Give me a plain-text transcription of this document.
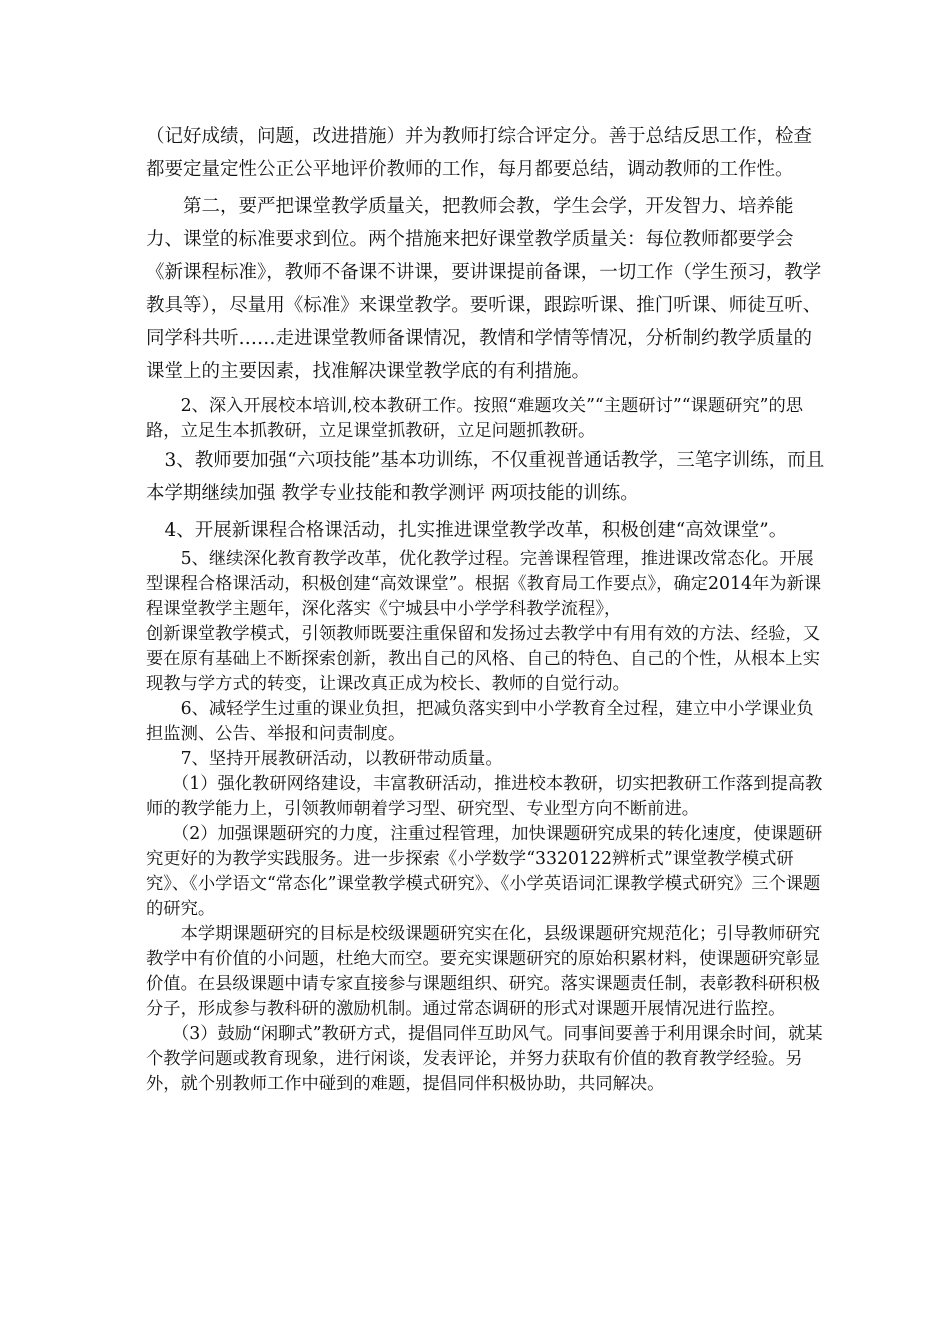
（记好成绩，问题，改进措施）并为教师打综合评定分。善于总结反思工作，检查都要定量定性公正公平地评价教师的工作，每月都要总结，调动教师的工作性。

　　第二，要严把课堂教学质量关，把教师会教，学生会学，开发智力、培养能力、课堂的标准要求到位。两个措施来把好课堂教学质量关：每位教师都要学会《新课程标准》，教师不备课不讲课，要讲课提前备课，一切工作（学生预习，教学教具等），尽量用《标准》来课堂教学。要听课，跟踪听课、推门听课、师徒互听、同学科共听……走进课堂教师备课情况，教情和学情等情况，分析制约教学质量的课堂上的主要因素，找准解决课堂教学底的有利措施。

　　2、深入开展校本培训,校本教研工作。按照“难题攻关”“主题研讨”“课题研究”的思路，立足生本抓教研，立足课堂抓教研，立足问题抓教研。

　3、教师要加强“六项技能”基本功训练，不仅重视普通话教学，三笔字训练，而且本学期继续加强 教学专业技能和教学测评 两项技能的训练。

　4、开展新课程合格课活动，扎实推进课堂教学改革，积极创建“高效课堂”。

　　5、继续深化教育教学改革，优化教学过程。完善课程管理，推进课改常态化。开展型课程合格课活动，积极创建“高效课堂”。根据《教育局工作要点》，确定2014年为新课程课堂教学主题年，深化落实《宁城县中小学学科教学流程》，

创新课堂教学模式，引领教师既要注重保留和发扬过去教学中有用有效的方法、经验，又要在原有基础上不断探索创新，教出自己的风格、自己的特色、自己的个性，从根本上实现教与学方式的转变，让课改真正成为校长、教师的自觉行动。

　　6、减轻学生过重的课业负担，把减负落实到中小学教育全过程，建立中小学课业负担监测、公告、举报和问责制度。

　　7、坚持开展教研活动，以教研带动质量。

　　（1）强化教研网络建设，丰富教研活动，推进校本教研，切实把教研工作落到提高教师的教学能力上，引领教师朝着学习型、研究型、专业型方向不断前进。

　　（2）加强课题研究的力度，注重过程管理，加快课题研究成果的转化速度，使课题研究更好的为教学实践服务。进一步探索《小学数学“3320122辨析式”课堂教学模式研究》、《小学语文“常态化”课堂教学模式研究》、《小学英语词汇课教学模式研究》三个课题的研究。

　　本学期课题研究的目标是校级课题研究实在化，县级课题研究规范化；引导教师研究教学中有价值的小问题，杜绝大而空。要充实课题研究的原始积累材料，使课题研究彰显价值。在县级课题中请专家直接参与课题组织、研究。落实课题责任制，表彰教科研积极分子，形成参与教科研的激励机制。通过常态调研的形式对课题开展情况进行监控。

　　（3）鼓励“闲聊式”教研方式，提倡同伴互助风气。同事间要善于利用课余时间，就某个教学问题或教育现象，进行闲谈，发表评论，并努力获取有价值的教育教学经验。另外，就个别教师工作中碰到的难题，提倡同伴积极协助，共同解决。
